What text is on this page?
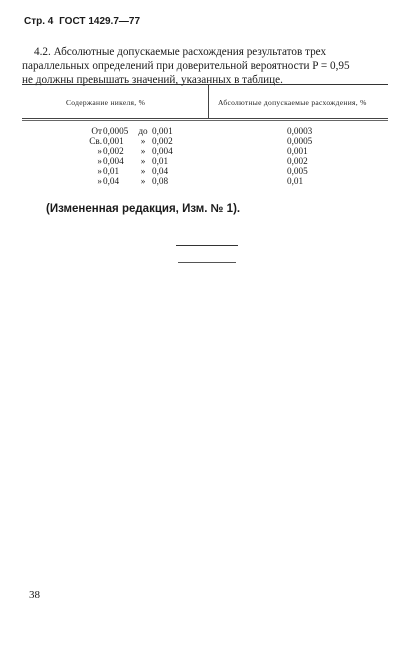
Стр. 4 ГОСТ 1429.7—77
4.2. Абсолютные допускаемые расхождения результатов трех
параллельных определений при доверительной вероятности P = 0,95
не должны превышать значений, указанных в таблице.
Содержание никеля, %	Абсолютные допускаемые расхождения, %
От 0,0005	до 0,001	0,0003
Св. 0,001	» 0,002	0,0005
» 0,002	» 0,004	0,001
» 0,004	» 0,01	0,002
» 0,01	» 0,04	0,005
» 0,04	» 0,08	0,01
(Измененная редакция, Изм. № 1).
38
